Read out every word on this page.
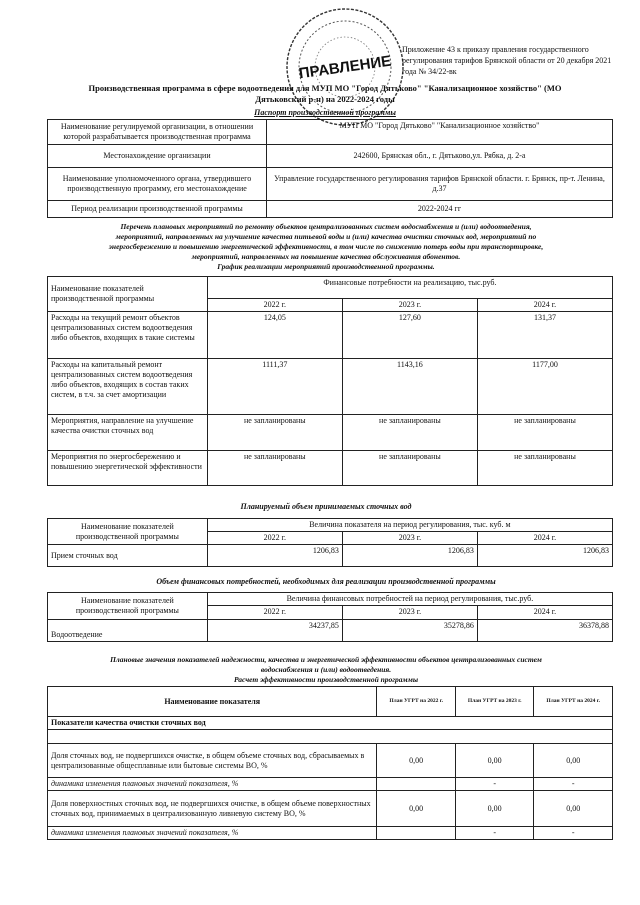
ПРАВЛЕНИЕ
Приложение 43 к приказу правления государственного
регулирования тарифов Брянской области от 20 декабря 2021
года № 34/22-вк
Производственная программа в сфере водоотведения для МУП МО "Город Дятьково" "Канализационное хозяйство" (МО
Дятьковский р-н) на 2022-2024 годы
Паспорт производственной программы
Наименование регулируемой организации, в отношении которой разрабатывается производственная программа	МУП МО "Город Дятьково" "Канализационное хозяйство"
Местонахождение организации	242600, Брянская обл., г. Дятьково,ул. Рябка, д. 2-а
Наименование уполномоченного органа, утвердившего производственную программу, его местонахождение	Управление государственного регулирования тарифов Брянской области. г. Брянск, пр-т. Ленина, д.37
Период реализации производственной программы	2022-2024 гг
Перечень плановых мероприятий по ремонту объектов централизованных систем водоснабжения и (или) водоотведения,
мероприятий, направленных на улучшение качества питьевой воды и (или) качества очистки сточных вод, мероприятий по
энергосбережению и повышению энергетической эффективности, в том числе по снижению потерь воды при транспортировке,
мероприятий, направленных на повышение качества обслуживания абонентов.
График реализации мероприятий производственной программы.
Наименование показателей производственной программы	Финансовые потребности на реализацию, тыс.руб.		
	2022 г.	2023 г.	2024 г.
Расходы на текущий ремонт объектов централизованных систем водоотведения либо объектов, входящих в такие системы	124,05	127,60	131,37
Расходы на капитальный ремонт централизованных систем водоотведения либо объектов, входящих в состав таких систем, в т.ч. за счет амортизации	1111,37	1143,16	1177,00
Мероприятия, направление на улучшение качества очистки сточных вод	не запланированы	не запланированы	не запланированы
Мероприятия по энергосбережению и повышению энергетической эффективности	не запланированы	не запланированы	не запланированы
Планируемый объем принимаемых сточных вод
Наименование показателей производственной программы	Величина показателя на период регулирования, тыс. куб. м		
	2022 г.	2023 г.	2024 г.
Прием сточных вод	1206,83	1206,83	1206,83
Объем финансовых потребностей, необходимых для реализации производственной программы
Наименование показателей производственной программы	Величина финансовых потребностей на период регулирования, тыс.руб.		
	2022 г.	2023 г.	2024 г.
Водоотведение	34237,85	35278,86	36378,88
Плановые значения показателей надежности, качества и энергетической эффективности объектов централизованных систем
водоснабжения и (или) водоотведения.
Расчет эффективности производственной программы
Наименование показателя	План УГРТ на 2022 г.	План УГРТ на 2023 г.	План УГРТ на 2024 г.
Показатели качества очистки сточных вод			

Доля сточных вод, не подвергшихся очистке, в общем объеме сточных вод, сбрасываемых в централизованные общесплавные или бытовые системы ВО, %	0,00	0,00	0,00
динамика изменения плановых значений показателя, %		-	-
Доля поверхностных сточных вод, не подвергшихся очистке, в общем объеме поверхностных сточных вод, принимаемых в централизованную ливневую систему ВО, %	0,00	0,00	0,00
динамика изменения плановых значений показателя, %		-	-
